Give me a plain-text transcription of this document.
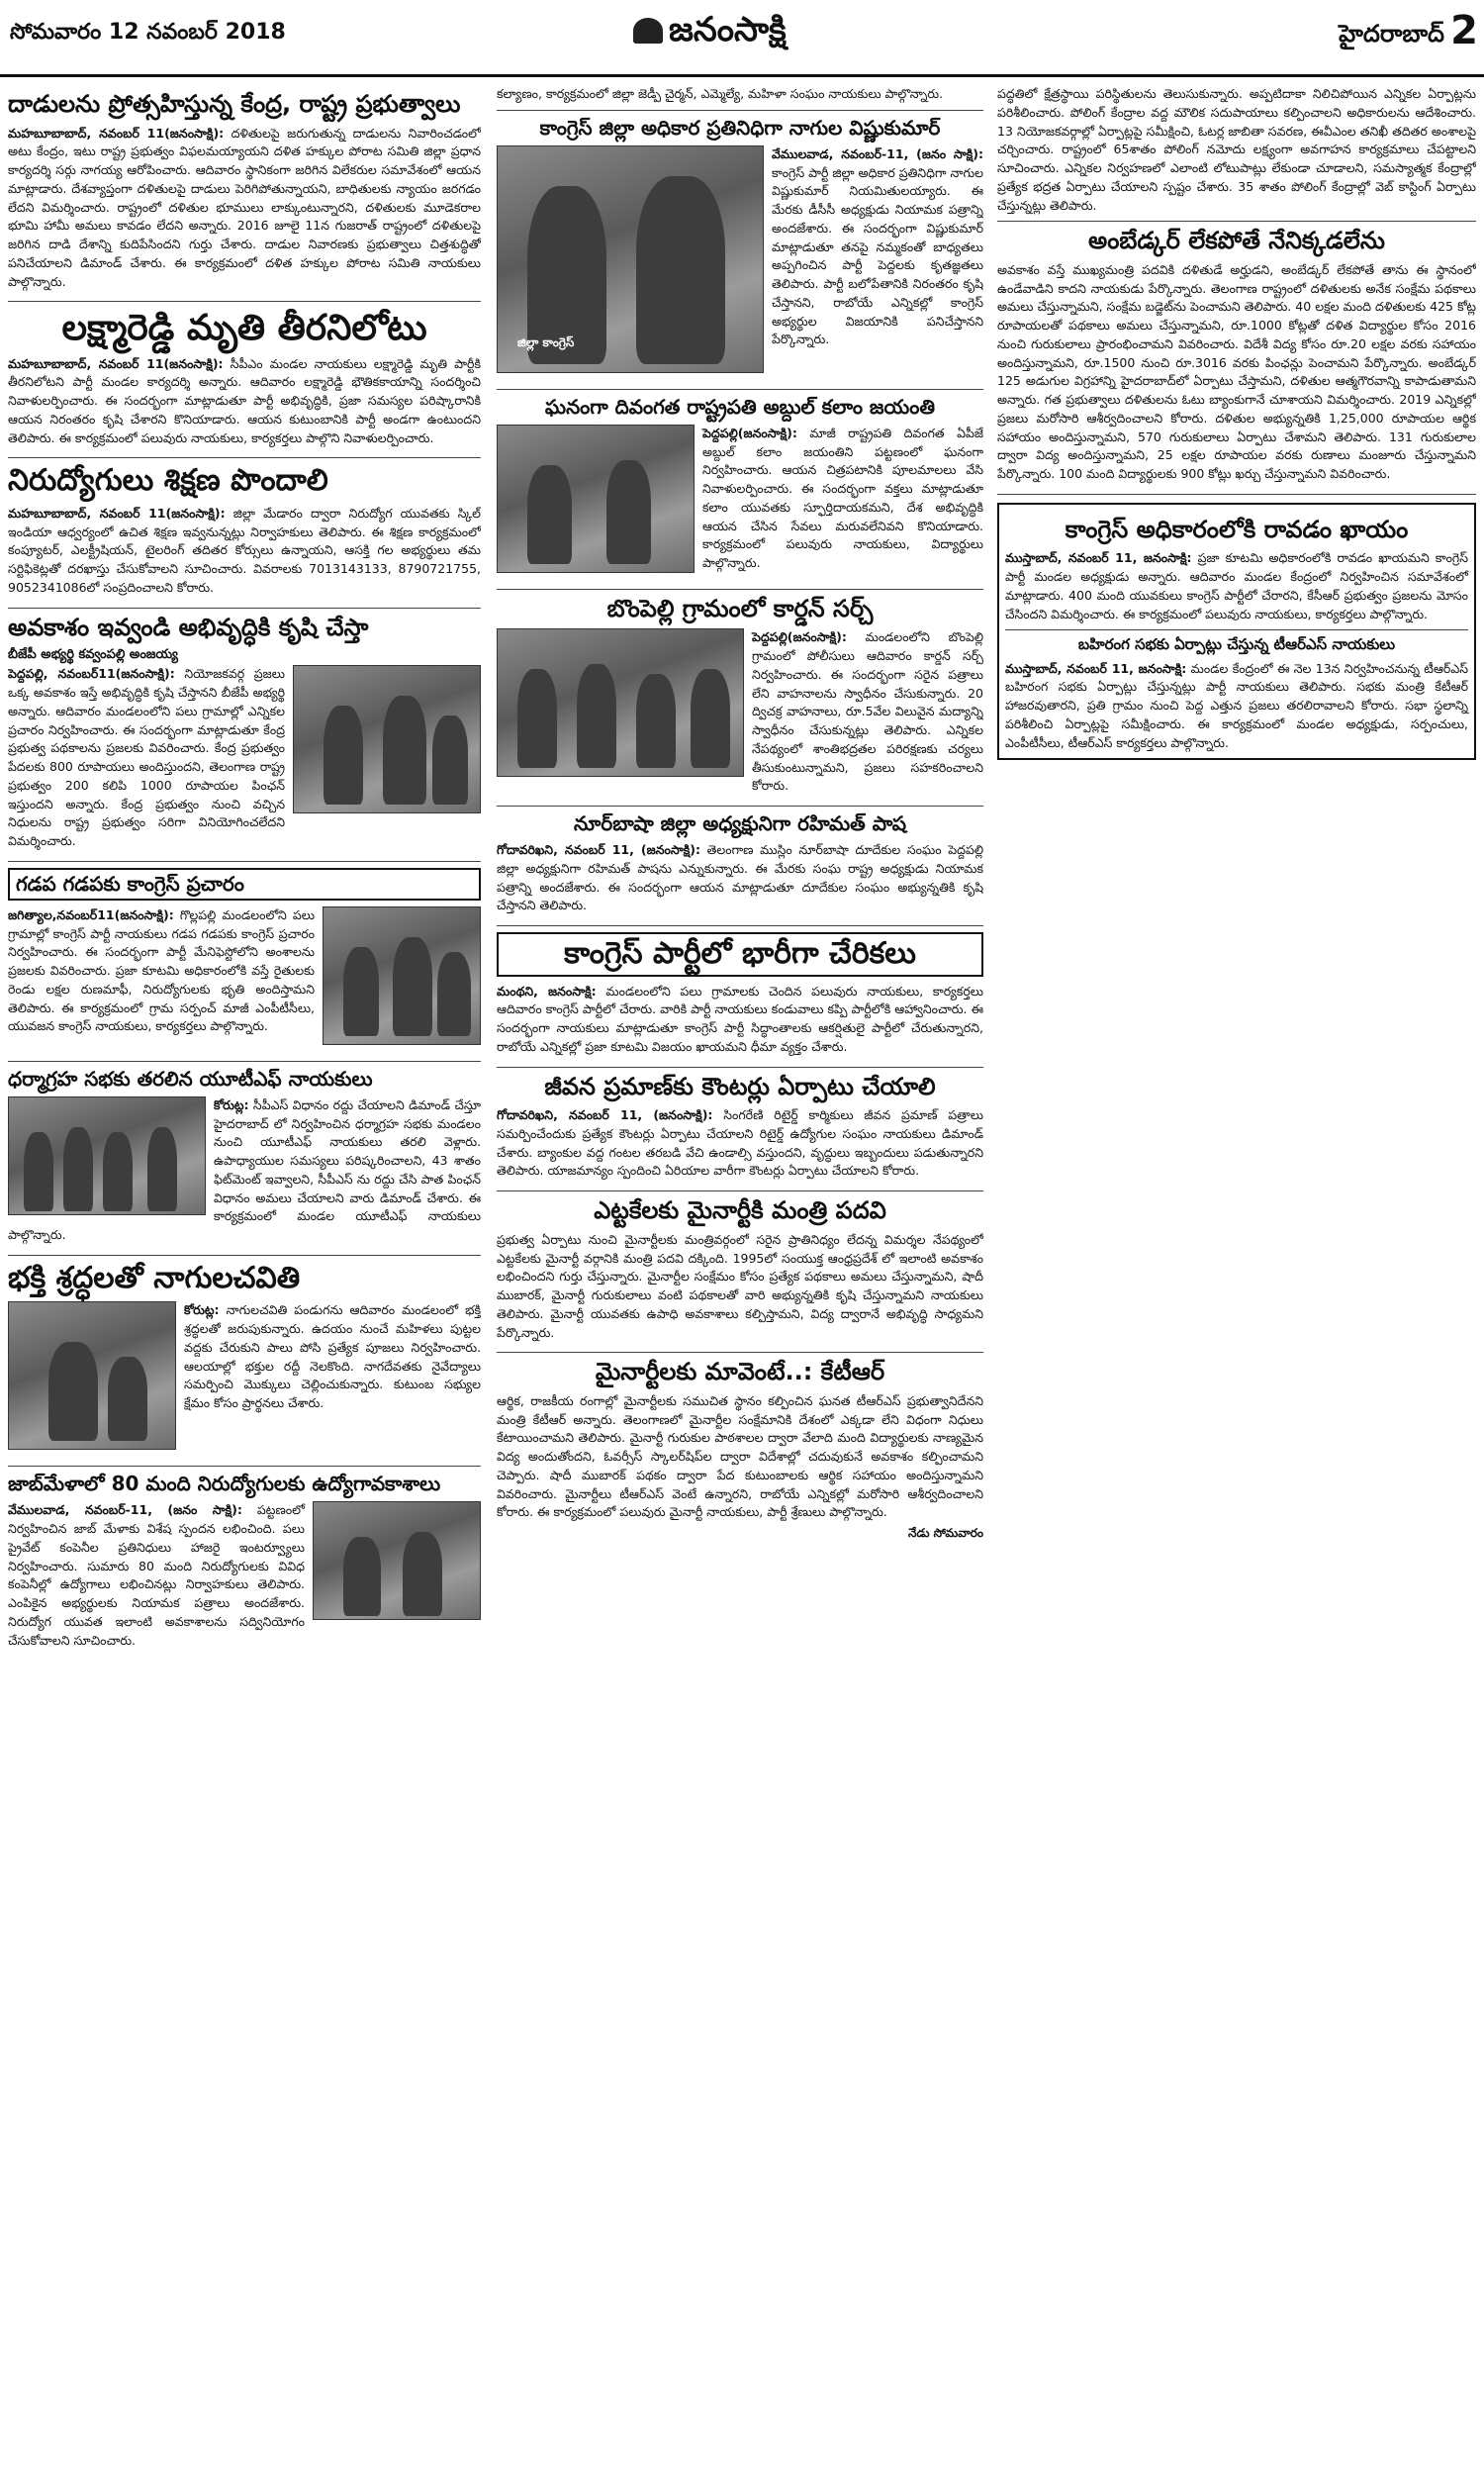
సోమవారం 12 నవంబర్ 2018	జనంసాక్షి	హైదరాబాద్ 2
దాడులను ప్రోత్సహిస్తున్న కేంద్ర, రాష్ట్ర ప్రభుత్వాలు
మహబూబాబాద్, నవంబర్ 11(జనంసాక్షి): దళితులపై జరుగుతున్న దాడులను నివారించడంలో అటు కేంద్రం, ఇటు రాష్ట్ర ప్రభుత్వం విఫలమయ్యాయని దళిత హక్కుల పోరాట సమితి జిల్లా ప్రధాన కార్యదర్శి సర్గు నాగయ్య ఆరోపించారు. ఆదివారం స్థానికంగా జరిగిన విలేకరుల సమావేశంలో ఆయన మాట్లాడారు. దేశవ్యాప్తంగా దళితులపై దాడులు పెరిగిపోతున్నాయని, బాధితులకు న్యాయం జరగడం లేదని విమర్శించారు. రాష్ట్రంలో దళితుల భూములు లాక్కుంటున్నారని, దళితులకు మూడెకరాల భూమి హామీ అమలు కావడం లేదని అన్నారు. 2016 జూలై 11న గుజరాత్ రాష్ట్రంలో దళితులపై జరిగిన దాడి దేశాన్ని కుదిపేసిందని గుర్తు చేశారు. దాడుల నివారణకు ప్రభుత్వాలు చిత్తశుద్ధితో పనిచేయాలని డిమాండ్ చేశారు. ఈ కార్యక్రమంలో దళిత హక్కుల పోరాట సమితి నాయకులు పాల్గొన్నారు.
లక్ష్మారెడ్డి మృతి తీరనిలోటు
మహబూబాబాద్, నవంబర్ 11(జనంసాక్షి): సీపీఎం మండల నాయకులు లక్ష్మారెడ్డి మృతి పార్టీకి తీరనిలోటని పార్టీ మండల కార్యదర్శి అన్నారు. ఆదివారం లక్ష్మారెడ్డి భౌతికకాయాన్ని సందర్శించి నివాళులర్పించారు. ఈ సందర్భంగా మాట్లాడుతూ పార్టీ అభివృద్ధికి, ప్రజా సమస్యల పరిష్కారానికి ఆయన నిరంతరం కృషి చేశారని కొనియాడారు. ఆయన కుటుంబానికి పార్టీ అండగా ఉంటుందని తెలిపారు. ఈ కార్యక్రమంలో పలువురు నాయకులు, కార్యకర్తలు పాల్గొని నివాళులర్పించారు.
నిరుద్యోగులు శిక్షణ పొందాలి
మహబూబాబాద్, నవంబర్ 11(జనంసాక్షి): జిల్లా మేడారం ద్వారా నిరుద్యోగ యువతకు స్కిల్ ఇండియా ఆధ్వర్యంలో ఉచిత శిక్షణ ఇవ్వనున్నట్లు నిర్వాహకులు తెలిపారు. ఈ శిక్షణ కార్యక్రమంలో కంప్యూటర్, ఎలక్ట్రీషియన్, టైలరింగ్ తదితర కోర్సులు ఉన్నాయని, ఆసక్తి గల అభ్యర్థులు తమ సర్టిఫికెట్లతో దరఖాస్తు చేసుకోవాలని సూచించారు. వివరాలకు 7013143133, 8790721755, 9052341086లో సంప్రదించాలని కోరారు.
అవకాశం ఇవ్వండి అభివృద్ధికి కృషి చేస్తా
బీజేపీ అభ్యర్థి కవ్వంపల్లి అంజయ్య
పెద్దపల్లి, నవంబర్11(జనంసాక్షి): నియోజకవర్గ ప్రజలు ఒక్క అవకాశం ఇస్తే అభివృద్ధికి కృషి చేస్తానని బీజేపీ అభ్యర్థి అన్నారు. ఆదివారం మండలంలోని పలు గ్రామాల్లో ఎన్నికల ప్రచారం నిర్వహించారు. ఈ సందర్భంగా మాట్లాడుతూ కేంద్ర ప్రభుత్వ పథకాలను ప్రజలకు వివరించారు. కేంద్ర ప్రభుత్వం పేదలకు 800 రూపాయలు అందిస్తుందని, తెలంగాణ రాష్ట్ర ప్రభుత్వం 200 కలిపి 1000 రూపాయల పింఛన్ ఇస్తుందని అన్నారు. కేంద్ర ప్రభుత్వం నుంచి వచ్చిన నిధులను రాష్ట్ర ప్రభుత్వం సరిగా వినియోగించలేదని విమర్శించారు.
గడప గడపకు కాంగ్రెస్ ప్రచారం
జగిత్యాల,నవంబర్11(జనంసాక్షి): గొల్లపల్లి మండలంలోని పలు గ్రామాల్లో కాంగ్రెస్ పార్టీ నాయకులు గడప గడపకు కాంగ్రెస్ ప్రచారం నిర్వహించారు. ఈ సందర్భంగా పార్టీ మేనిఫెస్టోలోని అంశాలను ప్రజలకు వివరించారు. ప్రజా కూటమి అధికారంలోకి వస్తే రైతులకు రెండు లక్షల రుణమాఫీ, నిరుద్యోగులకు భృతి అందిస్తామని తెలిపారు. ఈ కార్యక్రమంలో గ్రామ సర్పంచ్ మాజీ ఎంపీటీసీలు, యువజన కాంగ్రెస్ నాయకులు, కార్యకర్తలు పాల్గొన్నారు.
ధర్మాగ్రహ సభకు తరలిన యూటీఎఫ్ నాయకులు
కోరుట్ల: సీపీఎస్ విధానం రద్దు చేయాలని డిమాండ్ చేస్తూ హైదరాబాద్ లో నిర్వహించిన ధర్మాగ్రహ సభకు మండలం నుంచి యూటీఎఫ్ నాయకులు తరలి వెళ్లారు. ఉపాధ్యాయుల సమస్యలు పరిష్కరించాలని, 43 శాతం ఫిట్‌మెంట్ ఇవ్వాలని, సీపీఎస్ ను రద్దు చేసి పాత పింఛన్ విధానం అమలు చేయాలని వారు డిమాండ్ చేశారు. ఈ కార్యక్రమంలో మండల యూటీఎఫ్ నాయకులు పాల్గొన్నారు.
భక్తి శ్రద్ధలతో నాగులచవితి
కోరుట్ల: నాగులచవితి పండుగను ఆదివారం మండలంలో భక్తి శ్రద్ధలతో జరుపుకున్నారు. ఉదయం నుంచే మహిళలు పుట్టల వద్దకు చేరుకుని పాలు పోసి ప్రత్యేక పూజలు నిర్వహించారు. ఆలయాల్లో భక్తుల రద్దీ నెలకొంది. నాగదేవతకు నైవేద్యాలు సమర్పించి మొక్కులు చెల్లించుకున్నారు. కుటుంబ సభ్యుల క్షేమం కోసం ప్రార్థనలు చేశారు.
జాబ్‌మేళాలో 80 మంది నిరుద్యోగులకు ఉద్యోగావకాశాలు
వేములవాడ, నవంబర్-11, (జనం సాక్షి): పట్టణంలో నిర్వహించిన జాబ్ మేళాకు విశేష స్పందన లభించింది. పలు ప్రైవేట్ కంపెనీల ప్రతినిధులు హాజరై ఇంటర్వ్యూలు నిర్వహించారు. సుమారు 80 మంది నిరుద్యోగులకు వివిధ కంపెనీల్లో ఉద్యోగాలు లభించినట్లు నిర్వాహకులు తెలిపారు. ఎంపికైన అభ్యర్థులకు నియామక పత్రాలు అందజేశారు. నిరుద్యోగ యువత ఇలాంటి అవకాశాలను సద్వినియోగం చేసుకోవాలని సూచించారు.
కల్యాణం, కార్యక్రమంలో జిల్లా జెడ్పీ చైర్మన్, ఎమ్మెల్యే, మహిళా సంఘం నాయకులు పాల్గొన్నారు.
కాంగ్రెస్ జిల్లా అధికార ప్రతినిధిగా నాగుల విష్ణుకుమార్
జిల్లా కాంగ్రెస్
వేములవాడ, నవంబర్-11, (జనం సాక్షి): కాంగ్రెస్ పార్టీ జిల్లా అధికార ప్రతినిధిగా నాగుల విష్ణుకుమార్ నియమితులయ్యారు. ఈ మేరకు డీసీసీ అధ్యక్షుడు నియామక పత్రాన్ని అందజేశారు. ఈ సందర్భంగా విష్ణుకుమార్ మాట్లాడుతూ తనపై నమ్మకంతో బాధ్యతలు అప్పగించిన పార్టీ పెద్దలకు కృతజ్ఞతలు తెలిపారు. పార్టీ బలోపేతానికి నిరంతరం కృషి చేస్తానని, రాబోయే ఎన్నికల్లో కాంగ్రెస్ అభ్యర్థుల విజయానికి పనిచేస్తానని పేర్కొన్నారు.
ఘనంగా దివంగత రాష్ట్రపతి అబ్దుల్ కలాం జయంతి
పెద్దపల్లి(జనంసాక్షి): మాజీ రాష్ట్రపతి దివంగత ఏపీజే అబ్దుల్ కలాం జయంతిని పట్టణంలో ఘనంగా నిర్వహించారు. ఆయన చిత్రపటానికి పూలమాలలు వేసి నివాళులర్పించారు. ఈ సందర్భంగా వక్తలు మాట్లాడుతూ కలాం యువతకు స్ఫూర్తిదాయకమని, దేశ అభివృద్ధికి ఆయన చేసిన సేవలు మరువలేనివని కొనియాడారు. కార్యక్రమంలో పలువురు నాయకులు, విద్యార్థులు పాల్గొన్నారు.
బొంపెల్లి గ్రామంలో కార్డన్ సర్చ్
పెద్దపల్లి(జనంసాక్షి): మండలంలోని బొంపెల్లి గ్రామంలో పోలీసులు ఆదివారం కార్డన్ సర్చ్ నిర్వహించారు. ఈ సందర్భంగా సరైన పత్రాలు లేని వాహనాలను స్వాధీనం చేసుకున్నారు. 20 ద్విచక్ర వాహనాలు, రూ.5వేల విలువైన మద్యాన్ని స్వాధీనం చేసుకున్నట్లు తెలిపారు. ఎన్నికల నేపథ్యంలో శాంతిభద్రతల పరిరక్షణకు చర్యలు తీసుకుంటున్నామని, ప్రజలు సహకరించాలని కోరారు.
నూర్‌బాషా జిల్లా అధ్యక్షునిగా రహిమత్ పాష
గోదావరిఖని, నవంబర్ 11, (జనంసాక్షి): తెలంగాణ ముస్లిం నూర్‌బాషా దూదేకుల సంఘం పెద్దపల్లి జిల్లా అధ్యక్షునిగా రహిమత్ పాషను ఎన్నుకున్నారు. ఈ మేరకు సంఘ రాష్ట్ర అధ్యక్షుడు నియామక పత్రాన్ని అందజేశారు. ఈ సందర్భంగా ఆయన మాట్లాడుతూ దూదేకుల సంఘం అభ్యున్నతికి కృషి చేస్తానని తెలిపారు.
కాంగ్రెస్ పార్టీలో భారీగా చేరికలు
మంథని, జనంసాక్షి: మండలంలోని పలు గ్రామాలకు చెందిన పలువురు నాయకులు, కార్యకర్తలు ఆదివారం కాంగ్రెస్ పార్టీలో చేరారు. వారికి పార్టీ నాయకులు కండువాలు కప్పి పార్టీలోకి ఆహ్వానించారు. ఈ సందర్భంగా నాయకులు మాట్లాడుతూ కాంగ్రెస్ పార్టీ సిద్ధాంతాలకు ఆకర్షితులై పార్టీలో చేరుతున్నారని, రాబోయే ఎన్నికల్లో ప్రజా కూటమి విజయం ఖాయమని ధీమా వ్యక్తం చేశారు.
జీవన ప్రమాణ్‌కు కౌంటర్లు ఏర్పాటు చేయాలి
గోదావరిఖని, నవంబర్ 11, (జనంసాక్షి): సింగరేణి రిటైర్డ్ కార్మికులు జీవన ప్రమాణ్ పత్రాలు సమర్పించేందుకు ప్రత్యేక కౌంటర్లు ఏర్పాటు చేయాలని రిటైర్డ్ ఉద్యోగుల సంఘం నాయకులు డిమాండ్ చేశారు. బ్యాంకుల వద్ద గంటల తరబడి వేచి ఉండాల్సి వస్తుందని, వృద్ధులు ఇబ్బందులు పడుతున్నారని తెలిపారు. యాజమాన్యం స్పందించి ఏరియాల వారీగా కౌంటర్లు ఏర్పాటు చేయాలని కోరారు.
ఎట్టకేలకు మైనార్టీకి మంత్రి పదవి
ప్రభుత్వ ఏర్పాటు నుంచి మైనార్టీలకు మంత్రివర్గంలో సరైన ప్రాతినిధ్యం లేదన్న విమర్శల నేపథ్యంలో ఎట్టకేలకు మైనార్టీ వర్గానికి మంత్రి పదవి దక్కింది. 1995లో సంయుక్త ఆంధ్రప్రదేశ్ లో ఇలాంటి అవకాశం లభించిందని గుర్తు చేస్తున్నారు. మైనార్టీల సంక్షేమం కోసం ప్రత్యేక పథకాలు అమలు చేస్తున్నామని, షాదీ ముబారక్, మైనార్టీ గురుకులాలు వంటి పథకాలతో వారి అభ్యున్నతికి కృషి చేస్తున్నామని నాయకులు తెలిపారు. మైనార్టీ యువతకు ఉపాధి అవకాశాలు కల్పిస్తామని, విద్య ద్వారానే అభివృద్ధి సాధ్యమని పేర్కొన్నారు.
మైనార్టీలకు మావెంటే..: కేటీఆర్
ఆర్థిక, రాజకీయ రంగాల్లో మైనార్టీలకు సముచిత స్థానం కల్పించిన ఘనత టీఆర్ఎస్ ప్రభుత్వానిదేనని మంత్రి కేటీఆర్ అన్నారు. తెలంగాణలో మైనార్టీల సంక్షేమానికి దేశంలో ఎక్కడా లేని విధంగా నిధులు కేటాయించామని తెలిపారు. మైనార్టీ గురుకుల పాఠశాలల ద్వారా వేలాది మంది విద్యార్థులకు నాణ్యమైన విద్య అందుతోందని, ఓవర్సీస్ స్కాలర్‌షిప్‌ల ద్వారా విదేశాల్లో చదువుకునే అవకాశం కల్పించామని చెప్పారు. షాదీ ముబారక్ పథకం ద్వారా పేద కుటుంబాలకు ఆర్థిక సహాయం అందిస్తున్నామని వివరించారు. మైనార్టీలు టీఆర్ఎస్ వెంటే ఉన్నారని, రాబోయే ఎన్నికల్లో మరోసారి ఆశీర్వదించాలని కోరారు. ఈ కార్యక్రమంలో పలువురు మైనార్టీ నాయకులు, పార్టీ శ్రేణులు పాల్గొన్నారు.
నేడు సోమవారం
పద్ధతిలో క్షేత్రస్థాయి పరిస్థితులను తెలుసుకున్నారు. అప్పటిదాకా నిలిచిపోయిన ఎన్నికల ఏర్పాట్లను పరిశీలించారు. పోలింగ్ కేంద్రాల వద్ద మౌలిక సదుపాయాలు కల్పించాలని అధికారులను ఆదేశించారు. 13 నియోజకవర్గాల్లో ఏర్పాట్లపై సమీక్షించి, ఓటర్ల జాబితా సవరణ, ఈవీఎంల తనిఖీ తదితర అంశాలపై చర్చించారు. రాష్ట్రంలో 65శాతం పోలింగ్ నమోదు లక్ష్యంగా అవగాహన కార్యక్రమాలు చేపట్టాలని సూచించారు. ఎన్నికల నిర్వహణలో ఎలాంటి లోటుపాట్లు లేకుండా చూడాలని, సమస్యాత్మక కేంద్రాల్లో ప్రత్యేక భద్రత ఏర్పాటు చేయాలని స్పష్టం చేశారు. 35 శాతం పోలింగ్ కేంద్రాల్లో వెబ్ కాస్టింగ్ ఏర్పాటు చేస్తున్నట్లు తెలిపారు.
అంబేడ్కర్ లేకపోతే నేనిక్కడలేను
అవకాశం వస్తే ముఖ్యమంత్రి పదవికి దళితుడే అర్హుడని, అంబేడ్కర్ లేకపోతే తాను ఈ స్థానంలో ఉండేవాడిని కాదని నాయకుడు పేర్కొన్నారు. తెలంగాణ రాష్ట్రంలో దళితులకు అనేక సంక్షేమ పథకాలు అమలు చేస్తున్నామని, సంక్షేమ బడ్జెట్‌ను పెంచామని తెలిపారు. 40 లక్షల మంది దళితులకు 425 కోట్ల రూపాయలతో పథకాలు అమలు చేస్తున్నామని, రూ.1000 కోట్లతో దళిత విద్యార్థుల కోసం 2016 నుంచి గురుకులాలు ప్రారంభించామని వివరించారు. విదేశీ విద్య కోసం రూ.20 లక్షల వరకు సహాయం అందిస్తున్నామని, రూ.1500 నుంచి రూ.3016 వరకు పింఛన్లు పెంచామని పేర్కొన్నారు. అంబేడ్కర్ 125 అడుగుల విగ్రహాన్ని హైదరాబాద్‌లో ఏర్పాటు చేస్తామని, దళితుల ఆత్మగౌరవాన్ని కాపాడుతామని అన్నారు. గత ప్రభుత్వాలు దళితులను ఓటు బ్యాంకుగానే చూశాయని విమర్శించారు. 2019 ఎన్నికల్లో ప్రజలు మరోసారి ఆశీర్వదించాలని కోరారు. దళితుల అభ్యున్నతికి 1,25,000 రూపాయల ఆర్థిక సహాయం అందిస్తున్నామని, 570 గురుకులాలు ఏర్పాటు చేశామని తెలిపారు. 131 గురుకులాల ద్వారా విద్య అందిస్తున్నామని, 25 లక్షల రూపాయల వరకు రుణాలు మంజూరు చేస్తున్నామని పేర్కొన్నారు. 100 మంది విద్యార్థులకు 900 కోట్లు ఖర్చు చేస్తున్నామని వివరించారు.
కాంగ్రెస్ అధికారంలోకి రావడం ఖాయం
ముస్తాబాద్, నవంబర్ 11, జనంసాక్షి: ప్రజా కూటమి అధికారంలోకి రావడం ఖాయమని కాంగ్రెస్ పార్టీ మండల అధ్యక్షుడు అన్నారు. ఆదివారం మండల కేంద్రంలో నిర్వహించిన సమావేశంలో మాట్లాడారు. 400 మంది యువకులు కాంగ్రెస్ పార్టీలో చేరారని, కేసీఆర్ ప్రభుత్వం ప్రజలను మోసం చేసిందని విమర్శించారు. ఈ కార్యక్రమంలో పలువురు నాయకులు, కార్యకర్తలు పాల్గొన్నారు.
బహిరంగ సభకు ఏర్పాట్లు చేస్తున్న టీఆర్ఎస్ నాయకులు
ముస్తాబాద్, నవంబర్ 11, జనంసాక్షి: మండల కేంద్రంలో ఈ నెల 13న నిర్వహించనున్న టీఆర్ఎస్ బహిరంగ సభకు ఏర్పాట్లు చేస్తున్నట్లు పార్టీ నాయకులు తెలిపారు. సభకు మంత్రి కేటీఆర్ హాజరవుతారని, ప్రతి గ్రామం నుంచి పెద్ద ఎత్తున ప్రజలు తరలిరావాలని కోరారు. సభా స్థలాన్ని పరిశీలించి ఏర్పాట్లపై సమీక్షించారు. ఈ కార్యక్రమంలో మండల అధ్యక్షుడు, సర్పంచులు, ఎంపీటీసీలు, టీఆర్ఎస్ కార్యకర్తలు పాల్గొన్నారు.
